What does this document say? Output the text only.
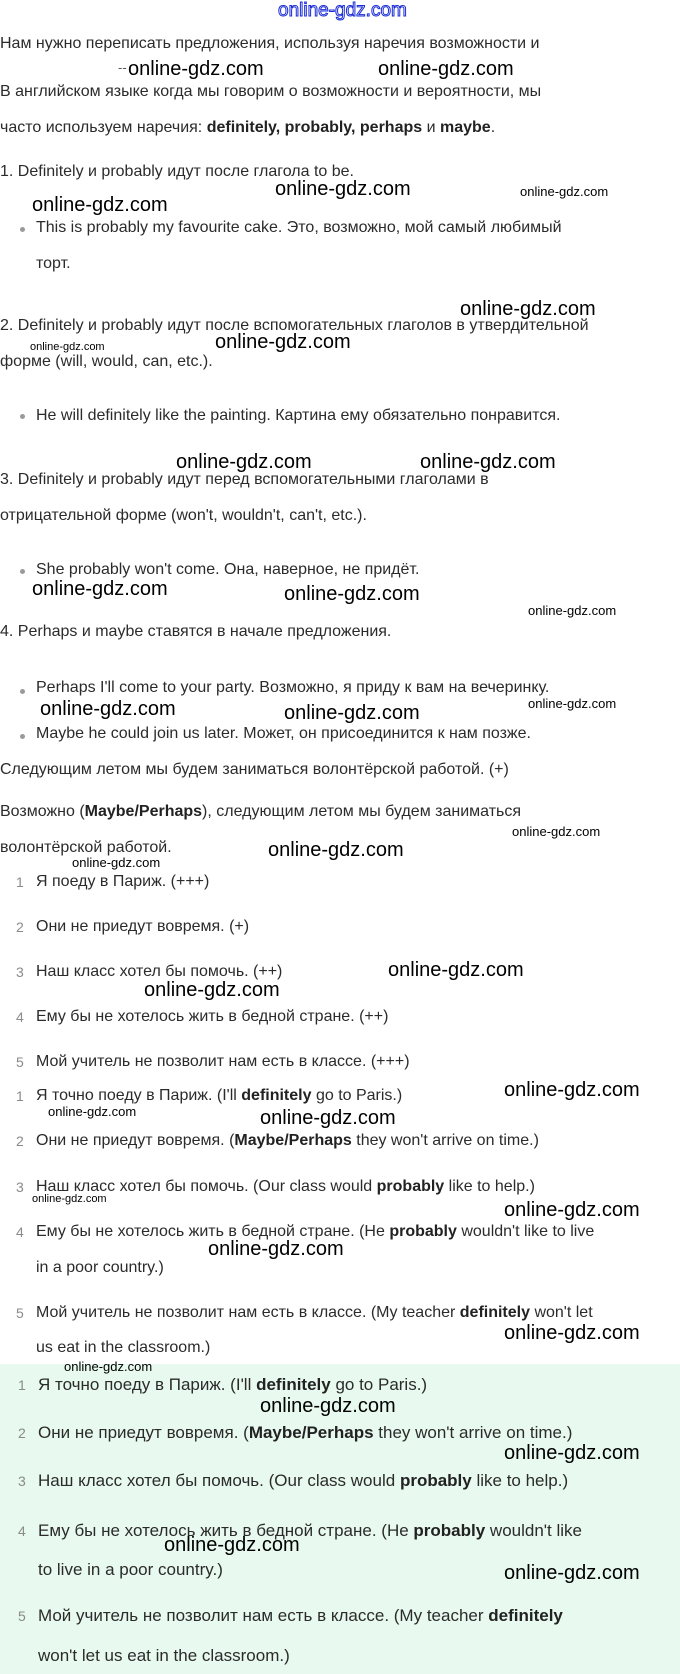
online-gdz.com
Нам нужно переписать предложения, используя наречия возможности и
--
В английском языке когда мы говорим о возможности и вероятности, мы
часто используем наречия: definitely, probably, perhaps и maybe.
1. Definitely и probably идут после глагола to be.
This is probably my favourite cake. Это, возможно, мой самый любимый
торт.
2. Definitely и probably идут после вспомогательных глаголов в утвердительной
форме (will, would, can, etc.).
He will definitely like the painting. Картина ему обязательно понравится.
3. Definitely и probably идут перед вспомогательными глаголами в
отрицательной форме (won't, wouldn't, can't, etc.).
She probably won't come. Она, наверное, не придёт.
4. Perhaps и maybe ставятся в начале предложения.
Perhaps I'll come to your party. Возможно, я приду к вам на вечеринку.
Maybe he could join us later. Может, он присоединится к нам позже.
Следующим летом мы будем заниматься волонтёрской работой. (+)
Возможно (Maybe/Perhaps), следующим летом мы будем заниматься
волонтёрской работой.
1 Я поеду в Париж. (+++)
2 Они не приедут вовремя. (+)
3 Наш класс хотел бы помочь. (++)
4 Ему бы не хотелось жить в бедной стране. (++)
5 Мой учитель не позволит нам есть в классе. (+++)
1 Я точно поеду в Париж. (I'll definitely go to Paris.)
2 Они не приедут вовремя. (Maybe/Perhaps they won't arrive on time.)
3 Наш класс хотел бы помочь. (Our class would probably like to help.)
4 Ему бы не хотелось жить в бедной стране. (He probably wouldn't like to live
in a poor country.)
5 Мой учитель не позволит нам есть в классе. (My teacher definitely won't let
us eat in the classroom.)
1 Я точно поеду в Париж. (I'll definitely go to Paris.)
2 Они не приедут вовремя. (Maybe/Perhaps they won't arrive on time.)
3 Наш класс хотел бы помочь. (Our class would probably like to help.)
4 Ему бы не хотелось жить в бедной стране. (He probably wouldn't like
to live in a poor country.)
5 Мой учитель не позволит нам есть в классе. (My teacher definitely
won't let us eat in the classroom.)
online-gdz.com	online-gdz.com
online-gdz.com
online-gdz.com
online-gdz.com
online-gdz.com
online-gdz.com
online-gdz.com
online-gdz.com	online-gdz.com
online-gdz.com	online-gdz.com
online-gdz.com
online-gdz.com	online-gdz.com	online-gdz.com
online-gdz.com
online-gdz.com
online-gdz.com
online-gdz.com
online-gdz.com
online-gdz.com
online-gdz.com	online-gdz.com
online-gdz.com	online-gdz.com
online-gdz.com
online-gdz.com
online-gdz.com
online-gdz.com
online-gdz.com
online-gdz.com
online-gdz.com
